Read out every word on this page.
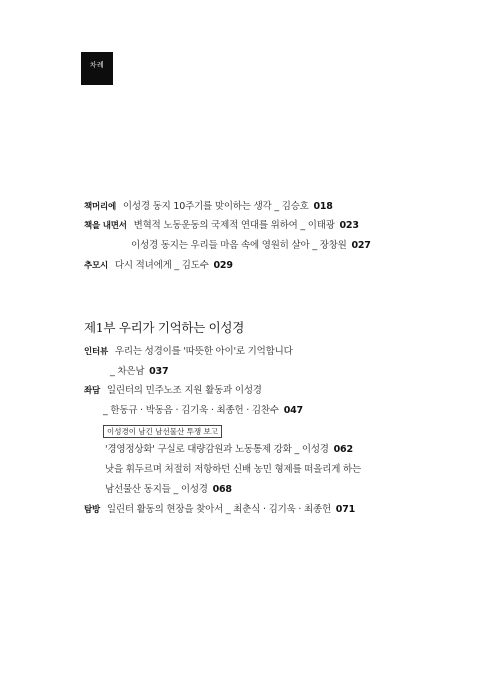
차례
책머리에 이성경 동지 10주기를 맞이하는 생각 _ 김승호 018
책을 내면서 변혁적 노동운동의 국제적 연대를 위하여 _ 이태광 023
이성경 동지는 우리들 마음 속에 영원히 살아 _ 장창원 027
추모시 다시 적녀에게 _ 김도수 029
제1부 우리가 기억하는 이성경
인터뷰 우리는 성경이를 '따뜻한 아이'로 기억합니다
_ 차은남 037
좌담 일린터의 민주노조 지원 활동과 이성경
_ 한동규 · 박동음 · 김기욱 · 최종헌 · 김찬수 047
이성경이 남긴 남선물산 투쟁 보고
'경영정상화' 구실로 대량감원과 노동통제 강화 _ 이성경 062
낫을 휘두르며 처절히 저항하던 신배 농민 형제를 떠올리게 하는
남선물산 동지들 _ 이성경 068
탐방 일린터 활동의 현장을 찾아서 _ 최춘식 · 김기욱 · 최종헌 071
